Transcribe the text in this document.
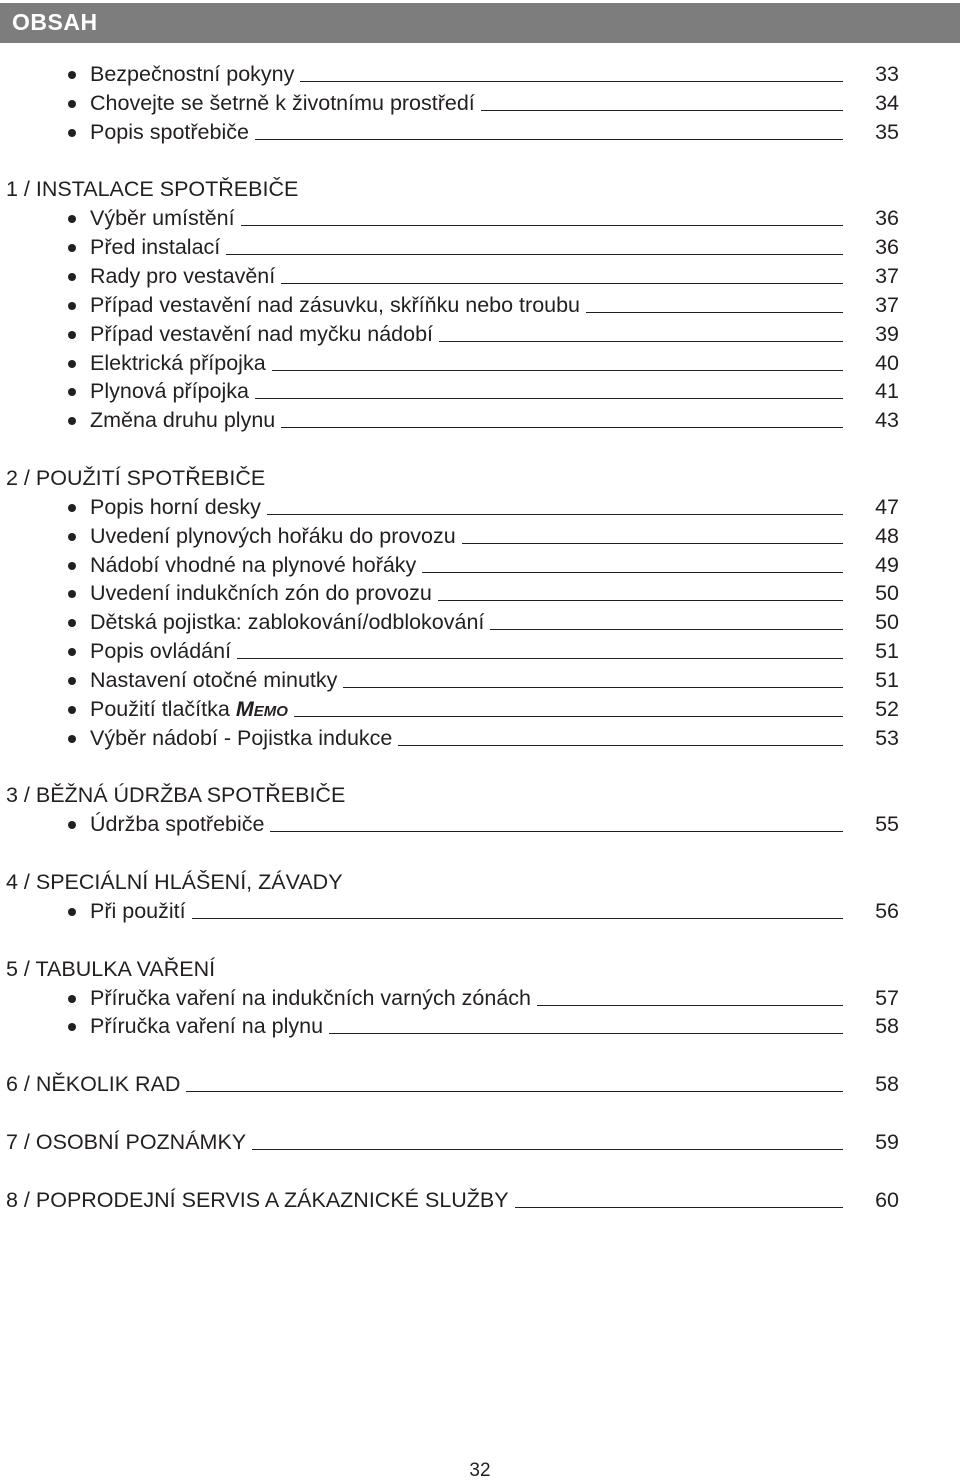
OBSAH
Bezpečnostní pokyny	33
Chovejte se šetrně k životnímu prostředí	34
Popis spotřebiče	35
1 / INSTALACE SPOTŘEBIČE
Výběr umístění	36
Před instalací	36
Rady pro vestavění	37
Případ vestavění nad zásuvku, skříňku nebo troubu	37
Případ vestavění nad myčku nádobí	39
Elektrická přípojka	40
Plynová přípojka	41
Změna druhu plynu	43
2 / POUŽITÍ SPOTŘEBIČE
Popis horní desky	47
Uvedení plynových hořáku do provozu	48
Nádobí vhodné na plynové hořáky	49
Uvedení indukčních zón do provozu	50
Dětská pojistka: zablokování/odblokování	50
Popis ovládání	51
Nastavení otočné minutky	51
Použití tlačítka Memo	52
Výběr nádobí - Pojistka indukce	53
3 / BĚŽNÁ ÚDRŽBA SPOTŘEBIČE
Údržba spotřebiče	55
4 / SPECIÁLNÍ HLÁŠENÍ, ZÁVADY
Při použití	56
5 / TABULKA VAŘENÍ
Příručka vaření na indukčních varných zónách	57
Příručka vaření na plynu	58
6 / NĚKOLIK RAD	58
7 / OSOBNÍ POZNÁMKY	59
8 / POPRODEJNÍ SERVIS A ZÁKAZNICKÉ SLUŽBY	60
32
